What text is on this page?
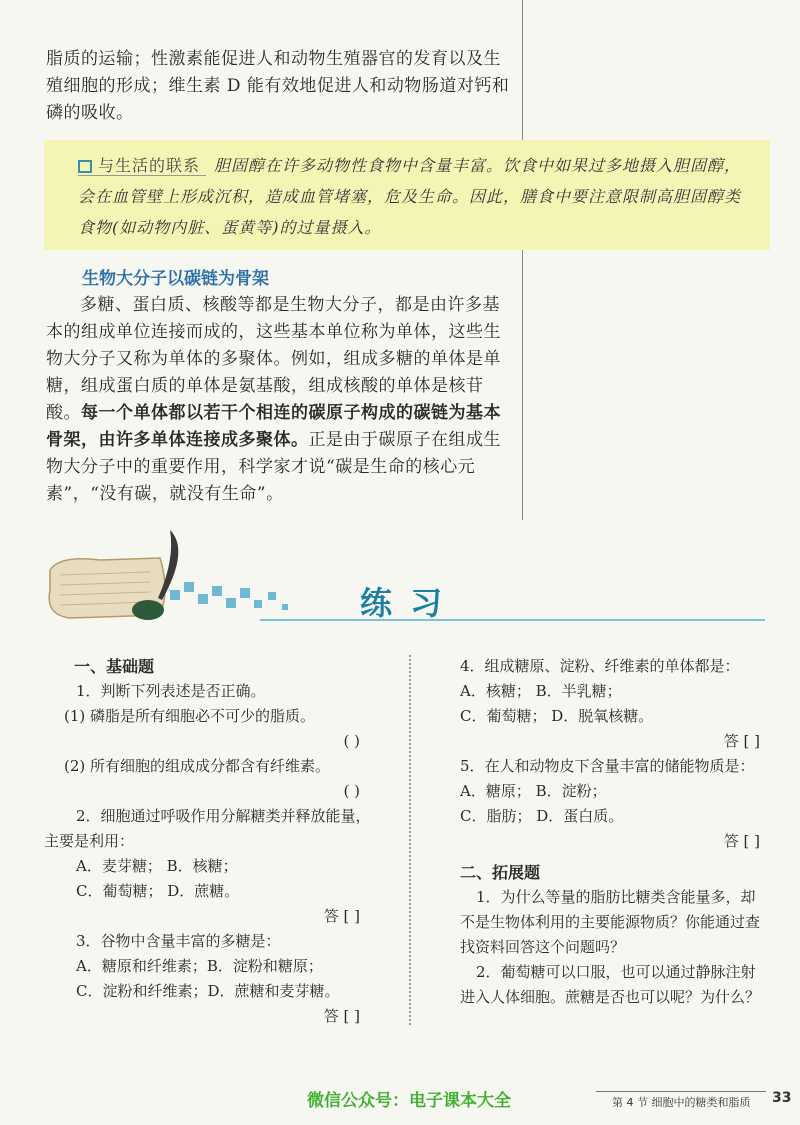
脂质的运输；性激素能促进人和动物生殖器官的发育以及生殖细胞的形成；维生素 D 能有效地促进人和动物肠道对钙和磷的吸收。
与生活的联系 胆固醇在许多动物性食物中含量丰富。饮食中如果过多地摄入胆固醇，会在血管壁上形成沉积，造成血管堵塞，危及生命。因此，膳食中要注意限制高胆固醇类食物(如动物内脏、蛋黄等)的过量摄入。
生物大分子以碳链为骨架
多糖、蛋白质、核酸等都是生物大分子，都是由许多基本的组成单位连接而成的，这些基本单位称为单体，这些生物大分子又称为单体的多聚体。例如，组成多糖的单体是单糖，组成蛋白质的单体是氨基酸，组成核酸的单体是核苷酸。每一个单体都以若干个相连的碳原子构成的碳链为基本骨架，由许多单体连接成多聚体。正是由于碳原子在组成生物大分子中的重要作用，科学家才说“碳是生命的核心元素”，“没有碳，就没有生命”。
练习
一、基础题
1．判断下列表述是否正确。
(1) 磷脂是所有细胞必不可少的脂质。
( )
(2) 所有细胞的组成成分都含有纤维素。
( )
2．细胞通过呼吸作用分解糖类并释放能量，
主要是利用：
A．麦芽糖； B．核糖；
C．葡萄糖； D．蔗糖。
答 [ ]
3．谷物中含量丰富的多糖是：
A．糖原和纤维素；B．淀粉和糖原；
C．淀粉和纤维素；D．蔗糖和麦芽糖。
答 [ ]
4．组成糖原、淀粉、纤维素的单体都是：
A．核糖； B．半乳糖；
C．葡萄糖； D．脱氧核糖。
答 [ ]
5．在人和动物皮下含量丰富的储能物质是：
A．糖原； B．淀粉；
C．脂肪； D．蛋白质。
答 [ ]
二、拓展题
1．为什么等量的脂肪比糖类含能量多，却不是生物体利用的主要能源物质？你能通过查找资料回答这个问题吗？
2．葡萄糖可以口服，也可以通过静脉注射进入人体细胞。蔗糖是否也可以呢？为什么？
微信公众号：电子课本大全	第 4 节 细胞中的糖类和脂质 33
